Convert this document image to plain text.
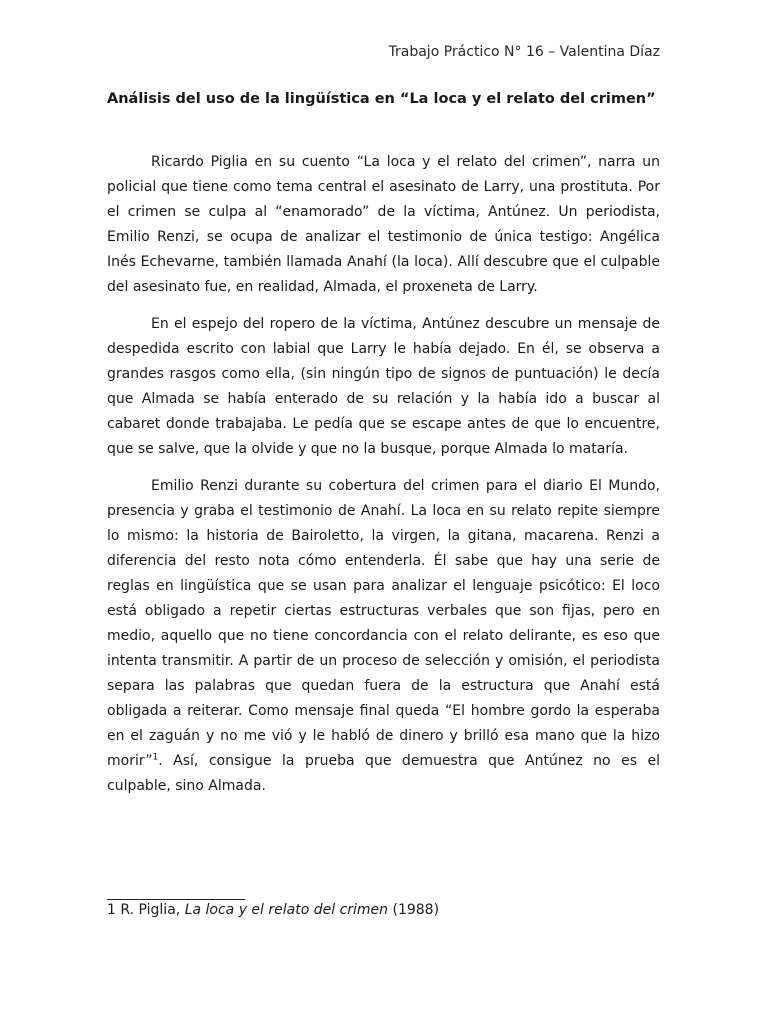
Trabajo Práctico N° 16 – Valentina Díaz
Análisis del uso de la lingüística en “La loca y el relato del crimen”

Ricardo Piglia en su cuento “La loca y el relato del crimen”, narra un policial que tiene como tema central el asesinato de Larry, una prostituta. Por el crimen se culpa al “enamorado” de la víctima, Antúnez. Un periodista, Emilio Renzi, se ocupa de analizar el testimonio de única testigo: Angélica Inés Echevarne, también llamada Anahí (la loca). Allí descubre que el culpable del asesinato fue, en realidad, Almada, el proxeneta de Larry.

En el espejo del ropero de la víctima, Antúnez descubre un mensaje de despedida escrito con labial que Larry le había dejado. En él, se observa a grandes rasgos como ella, (sin ningún tipo de signos de puntuación) le decía que Almada se había enterado de su relación y la había ido a buscar al cabaret donde trabajaba. Le pedía que se escape antes de que lo encuentre, que se salve, que la olvide y que no la busque, porque Almada lo mataría.

Emilio Renzi durante su cobertura del crimen para el diario El Mundo, presencia y graba el testimonio de Anahí. La loca en su relato repite siempre lo mismo: la historia de Bairoletto, la virgen, la gitana, macarena. Renzi a diferencia del resto nota cómo entenderla. Él sabe que hay una serie de reglas en lingüística que se usan para analizar el lenguaje psicótico: El loco está obligado a repetir ciertas estructuras verbales que son fijas, pero en medio, aquello que no tiene concordancia con el relato delirante, es eso que intenta transmitir. A partir de un proceso de selección y omisión, el periodista separa las palabras que quedan fuera de la estructura que Anahí está obligada a reiterar. Como mensaje final queda “El hombre gordo la esperaba en el zaguán y no me vió y le habló de dinero y brilló esa mano que la hizo morir”$^1$. Así, consigue la prueba que demuestra que Antúnez no es el culpable, sino Almada.

1 R. Piglia, La loca y el relato del crimen (1988)
